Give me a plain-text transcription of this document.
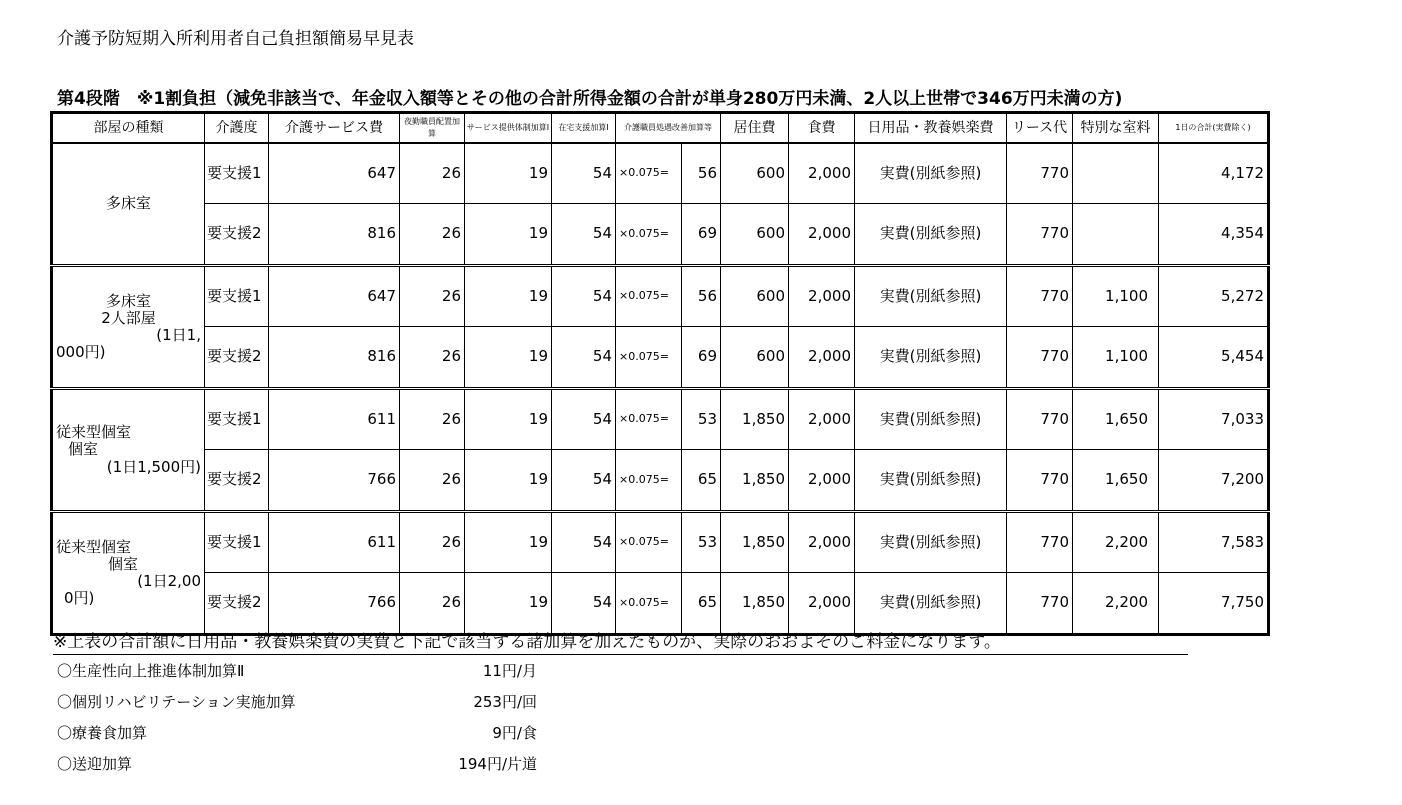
介護予防短期入所利用者自己負担額簡易早見表
第4段階　※1割負担（減免非該当で、年金収入額等とその他の合計所得金額の合計が単身280万円未満、2人以上世帯で346万円未満の方)
部屋の種類	介護度	介護サービス費	夜勤職員配置加算	サービス提供体制加算Ⅰ	在宅支援加算Ⅰ	介護職員処遇改善加算等		居住費	食費	日用品・教養娯楽費	リース代	特別な室料	1日の合計(実費除く)
多床室	要支援1	647	26	19	54	×0.075=	56	600	2,000	実費(別紙参照)	770		4,172
	要支援2	816	26	19	54	×0.075=	69	600	2,000	実費(別紙参照)	770		4,354

多床室
2人部屋
(1日1,
000円)	要支援1	647	26	19	54	×0.075=	56	600	2,000	実費(別紙参照)	770	1,100	5,272
	要支援2	816	26	19	54	×0.075=	69	600	2,000	実費(別紙参照)	770	1,100	5,454

従来型個室
個室
(1日1,500円)	要支援1	611	26	19	54	×0.075=	53	1,850	2,000	実費(別紙参照)	770	1,650	7,033
	要支援2	766	26	19	54	×0.075=	65	1,850	2,000	実費(別紙参照)	770	1,650	7,200

従来型個室
個室
(1日2,00
0円)	要支援1	611	26	19	54	×0.075=	53	1,850	2,000	実費(別紙参照)	770	2,200	7,583
	要支援2	766	26	19	54	×0.075=	65	1,850	2,000	実費(別紙参照)	770	2,200	7,750
※上表の合計額に日用品・教養娯楽費の実費と下記で該当する諸加算を加えたものが、実際のおおよそのご料金になります。
〇生産性向上推進体制加算Ⅱ	11円/月
〇個別リハビリテーション実施加算	253円/回
〇療養食加算	9円/食
〇送迎加算	194円/片道
